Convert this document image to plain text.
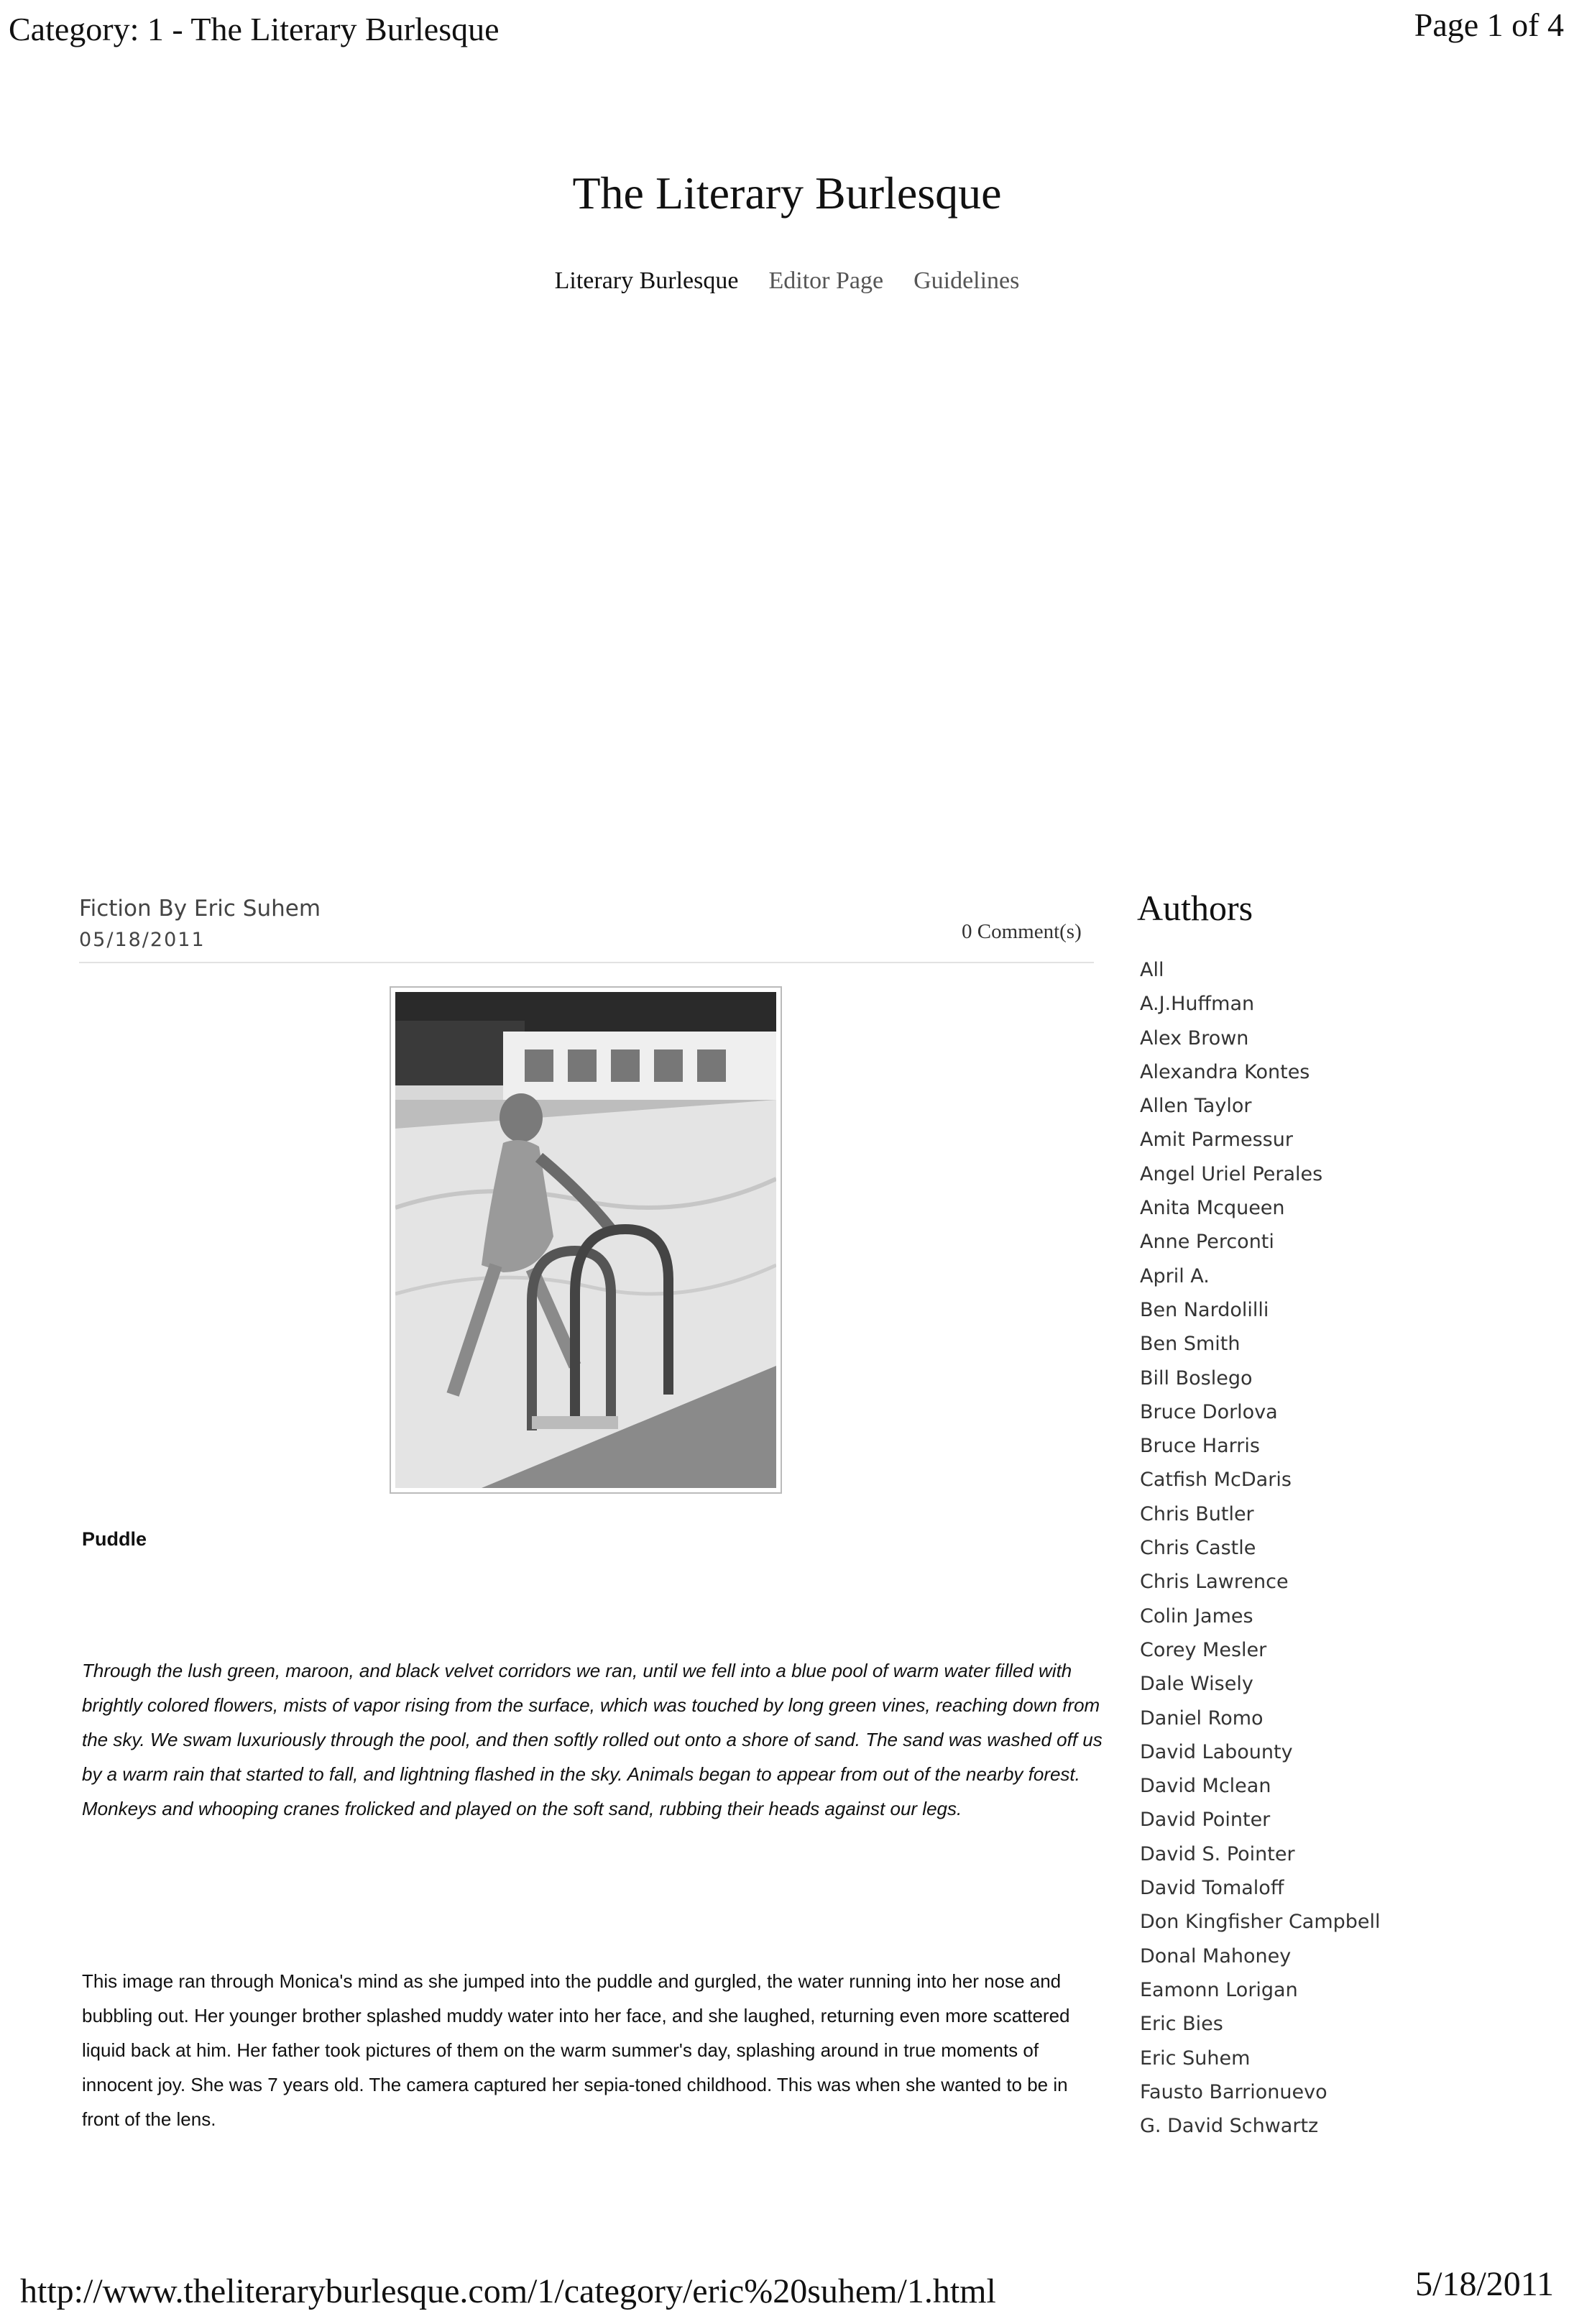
Category: 1 - The Literary Burlesque	Page 1 of 4
The Literary Burlesque
Literary Burlesque Editor Page Guidelines
Fiction By Eric Suhem
05/18/2011	0 Comment(s)
Puddle

Through the lush green, maroon, and black velvet corridors we ran, until we fell into a blue pool of warm water filled with brightly colored flowers, mists of vapor rising from the surface, which was touched by long green vines, reaching down from the sky. We swam luxuriously through the pool, and then softly rolled out onto a shore of sand. The sand was washed off us by a warm rain that started to fall, and lightning flashed in the sky. Animals began to appear from out of the nearby forest. Monkeys and whooping cranes frolicked and played on the soft sand, rubbing their heads against our legs.

This image ran through Monica's mind as she jumped into the puddle and gurgled, the water running into her nose and bubbling out. Her younger brother splashed muddy water into her face, and she laughed, returning even more scattered liquid back at him. Her father took pictures of them on the warm summer's day, splashing around in true moments of innocent joy. She was 7 years old. The camera captured her sepia-toned childhood. This was when she wanted to be in front of the lens.

Authors
All
A.J.Huffman
Alex Brown
Alexandra Kontes
Allen Taylor
Amit Parmessur
Angel Uriel Perales
Anita Mcqueen
Anne Perconti
April A.
Ben Nardolilli
Ben Smith
Bill Boslego
Bruce Dorlova
Bruce Harris
Catfish McDaris
Chris Butler
Chris Castle
Chris Lawrence
Colin James
Corey Mesler
Dale Wisely
Daniel Romo
David Labounty
David Mclean
David Pointer
David S. Pointer
David Tomaloff
Don Kingfisher Campbell
Donal Mahoney
Eamonn Lorigan
Eric Bies
Eric Suhem
Fausto Barrionuevo
G. David Schwartz
http://www.theliteraryburlesque.com/1/category/eric%20suhem/1.html	5/18/2011
